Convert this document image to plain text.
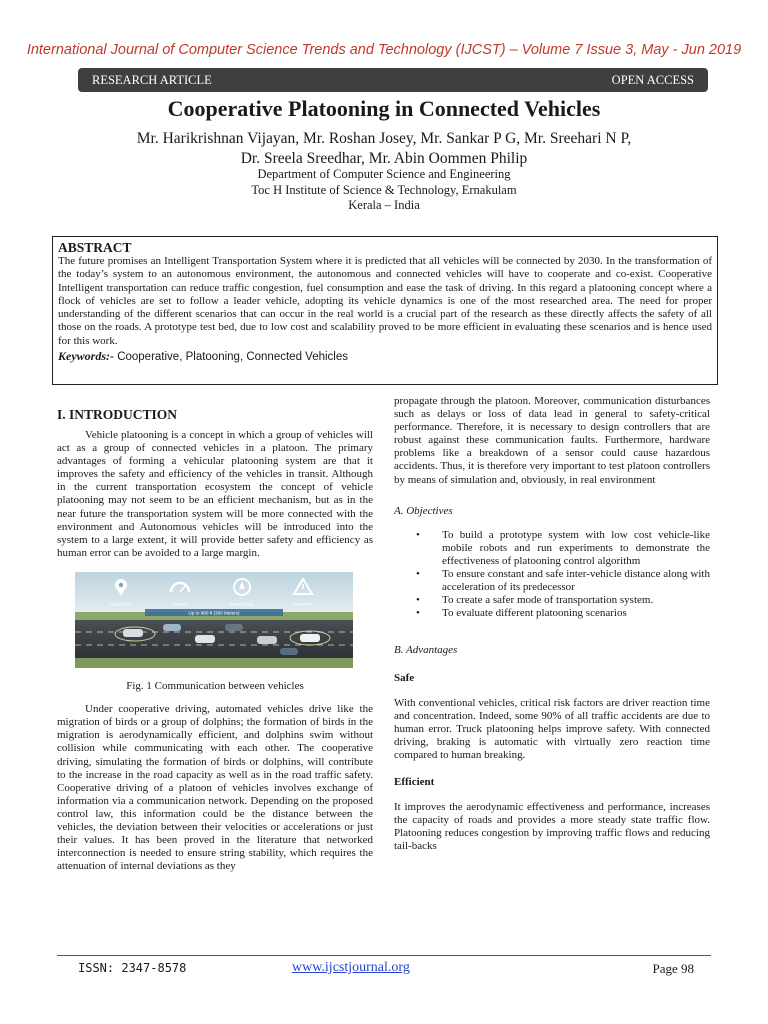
International Journal of Computer Science Trends and Technology (IJCST) – Volume 7 Issue 3, May - Jun 2019
RESEARCH ARTICLE	OPEN ACCESS
Cooperative Platooning in Connected Vehicles
Mr. Harikrishnan Vijayan, Mr. Roshan Josey, Mr. Sankar P G, Mr. Sreehari N P,
Dr. Sreela Sreedhar, Mr. Abin Oommen Philip
Department of Computer Science and Engineering
Toc H Institute of Science & Technology, Ernakulam
Kerala – India
ABSTRACT
The future promises an Intelligent Transportation System where it is predicted that all vehicles will be connected by 2030. In the transformation of the today’s system to an autonomous environment, the autonomous and connected vehicles will have to cooperate and co-exist. Cooperative Intelligent transportation can reduce traffic congestion, fuel consumption and ease the task of driving. In this regard a platooning concept where a flock of vehicles are set to follow a leader vehicle, adopting its vehicle dynamics is one of the most researched area. The need for proper understanding of the different scenarios that can occur in the real world is a crucial part of the research as these directly affects the safety of all those on the roads. A prototype test bed, due to low cost and scalability proved to be more efficient in evaluating these scenarios and is hence used for this work.
Keywords:- Cooperative, Platooning, Connected Vehicles
I. INTRODUCTION

Vehicle platooning is a concept in which a group of vehicles will act as a group of connected vehicles in a platoon. The primary advantages of forming a vehicular platooning system are that it improves the safety and efficiency of the vehicles in transit. Although in the current transportation ecosystem the concept of vehicle platooning may not seem to be an efficient mechanism, but as in the near future the transportation system will be more connected with the environment and Autonomous vehicles will be introduced into the system to a large extent, it will provide better safety and efficiency as human error can be avoided to a large margin.

LOCATION	SPEED	DIRECTION	TRAFFIC
Up to 980 ft (300 Meters)
Fig. 1 Communication between vehicles

Under cooperative driving, automated vehicles drive like the migration of birds or a group of dolphins; the formation of birds in the migration is aerodynamically efficient, and dolphins swim without collision while communicating with each other. The cooperative driving, simulating the formation of birds or dolphins, will contribute to the increase in the road capacity as well as in the road traffic safety. Cooperative driving of a platoon of vehicles involves exchange of information via a communication network. Depending on the proposed control law, this information could be the distance between the vehicles, the deviation between their velocities or accelerations or just their values. It has been proved in the literature that networked interconnection is needed to ensure string stability, which requires the attenuation of internal deviations as they

propagate through the platoon. Moreover, communication disturbances such as delays or loss of data lead in general to safety-critical performance. Therefore, it is necessary to design controllers that are robust against these communication faults. Furthermore, hardware problems like a breakdown of a sensor could cause hazardous accidents. Thus, it is therefore very important to test platoon controllers by means of simulation and, obviously, in real environment

A. Objectives
• To build a prototype system with low cost vehicle-like mobile robots and run experiments to demonstrate the effectiveness of platooning control algorithm
• To ensure constant and safe inter-vehicle distance along with acceleration of its predecessor
• To create a safer mode of transportation system.
• To evaluate different platooning scenarios
B. Advantages
Safe

With conventional vehicles, critical risk factors are driver reaction time and concentration. Indeed, some 90% of all traffic accidents are due to human error. Truck platooning helps improve safety. With connected driving, braking is automatic with virtually zero reaction time compared to human breaking.

Efficient

It improves the aerodynamic effectiveness and performance, increases the capacity of roads and provides a more steady state traffic flow. Platooning reduces congestion by improving traffic flows and reducing tail-backs

ISSN: 2347-8578	www.ijcstjournal.org	Page 98
